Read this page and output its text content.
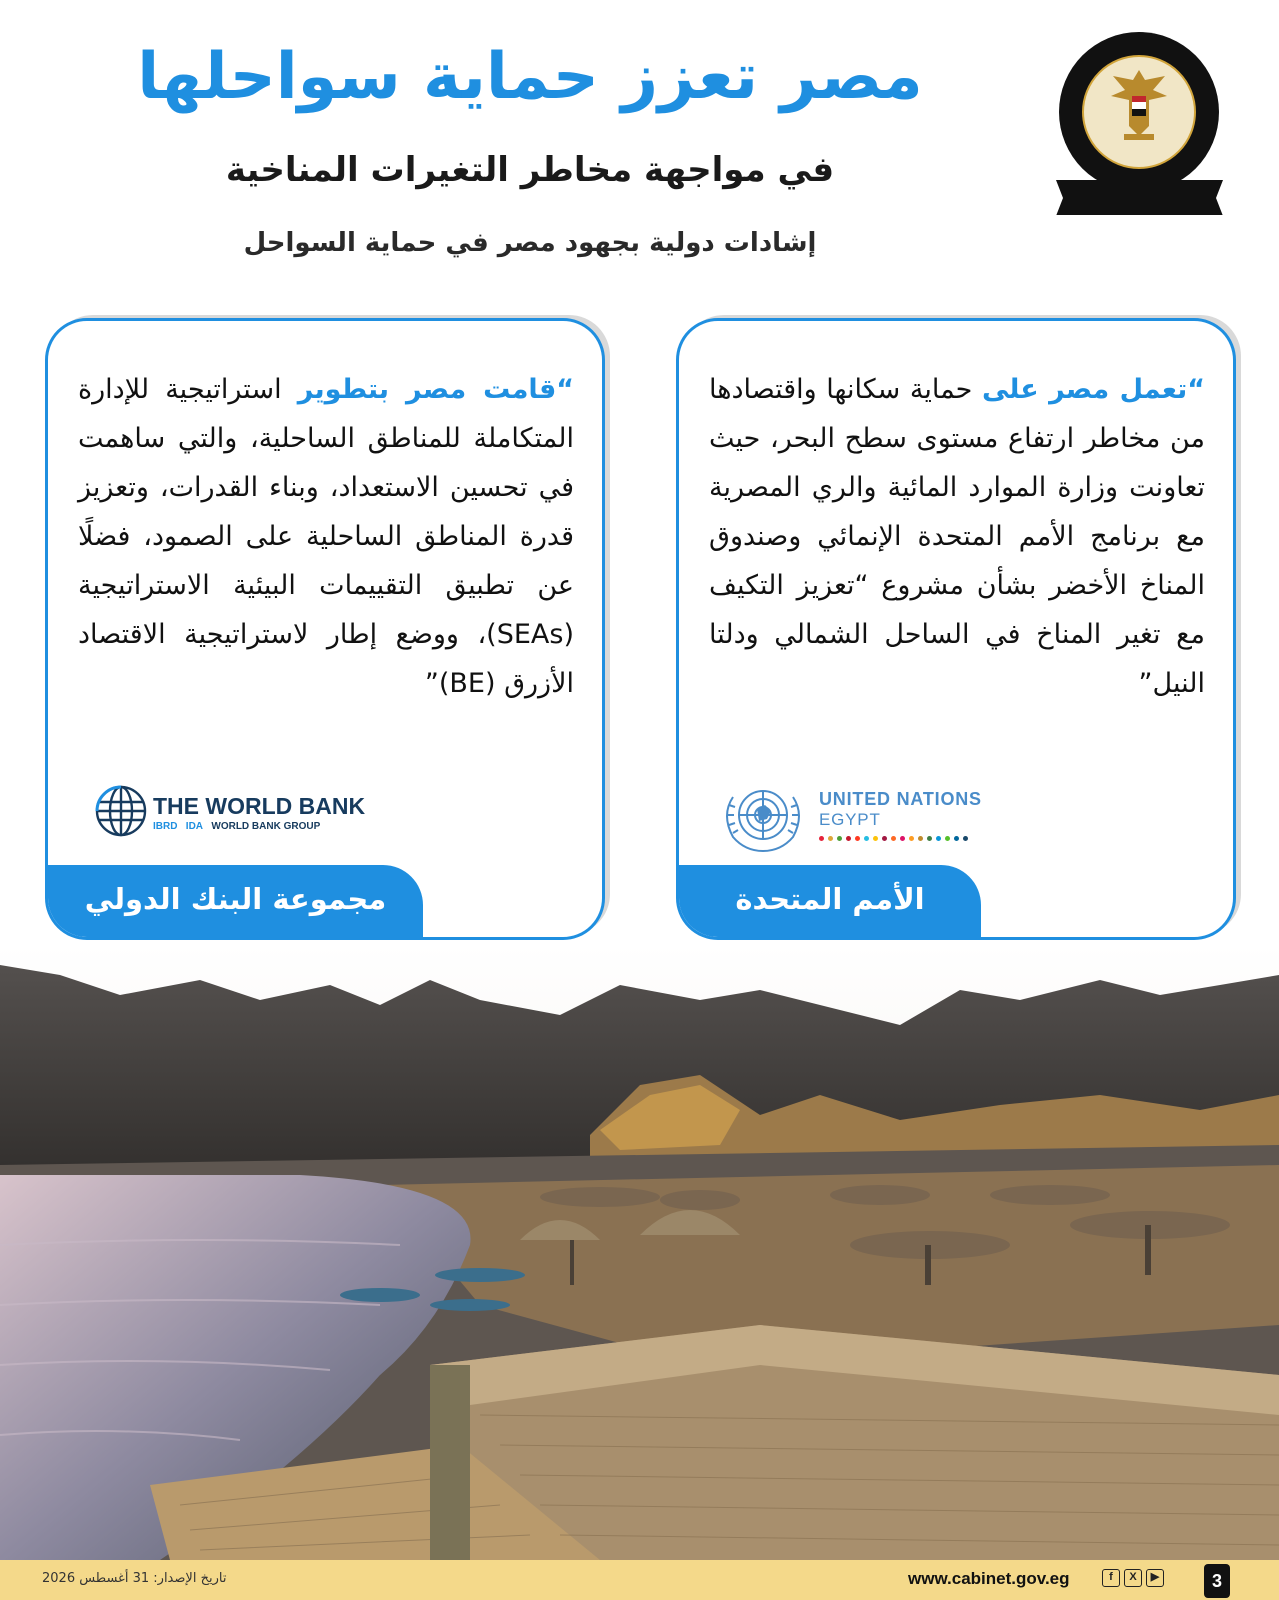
مصر تعزز حماية سواحلها
في مواجهة مخاطر التغيرات المناخية
إشادات دولية بجهود مصر في حماية السواحل
“تعمل مصر على حماية سكانها واقتصادها من مخاطر ارتفاع مستوى سطح البحر، حيث تعاونت وزارة الموارد المائية والري المصرية مع برنامج الأمم المتحدة الإنمائي وصندوق المناخ الأخضر بشأن مشروع “تعزيز التكيف مع تغير المناخ في الساحل الشمالي ودلتا النيل”
UNITED NATIONS
EGYPT
الأمم المتحدة
“قامت مصر بتطوير استراتيجية للإدارة المتكاملة للمناطق الساحلية، والتي ساهمت في تحسين الاستعداد، وبناء القدرات، وتعزيز قدرة المناطق الساحلية على الصمود، فضلًا عن تطبيق التقييمات البيئية الاستراتيجية (SEAs)، ووضع إطار لاستراتيجية الاقتصاد الأزرق (BE)”
THE WORLD BANK
IBRD IDA WORLD BANK GROUP
مجموعة البنك الدولي
تاريخ الإصدار: 31 أغسطس 2026	www.cabinet.gov.eg	f	X	▶	3
